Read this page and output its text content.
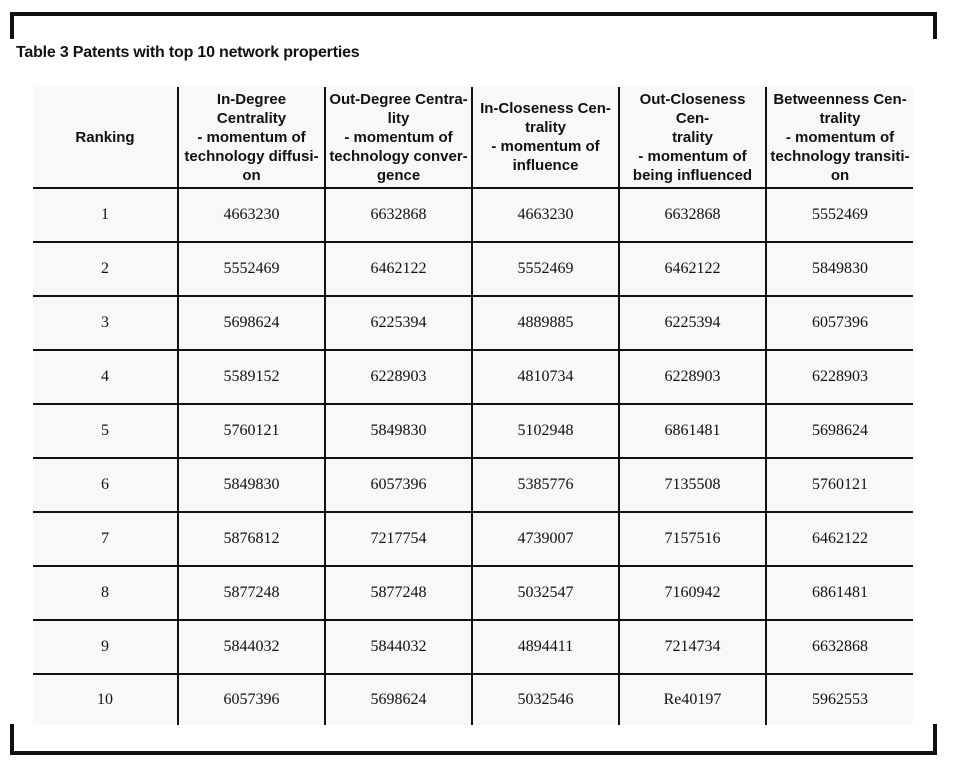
Table 3 Patents with top 10 network properties
Ranking	In-Degree Centrality
- momentum of
technology diffusi-
on	Out-Degree Centra-
lity
- momentum of
technology conver-
gence	In-Closeness Cen-
trality
- momentum of
influence	Out-Closeness Cen-
trality
- momentum of
being influenced	Betweenness Cen-
trality
- momentum of
technology transiti-
on
1	4663230	6632868	4663230	6632868	5552469
2	5552469	6462122	5552469	6462122	5849830
3	5698624	6225394	4889885	6225394	6057396
4	5589152	6228903	4810734	6228903	6228903
5	5760121	5849830	5102948	6861481	5698624
6	5849830	6057396	5385776	7135508	5760121
7	5876812	7217754	4739007	7157516	6462122
8	5877248	5877248	5032547	7160942	6861481
9	5844032	5844032	4894411	7214734	6632868
10	6057396	5698624	5032546	Re40197	5962553
